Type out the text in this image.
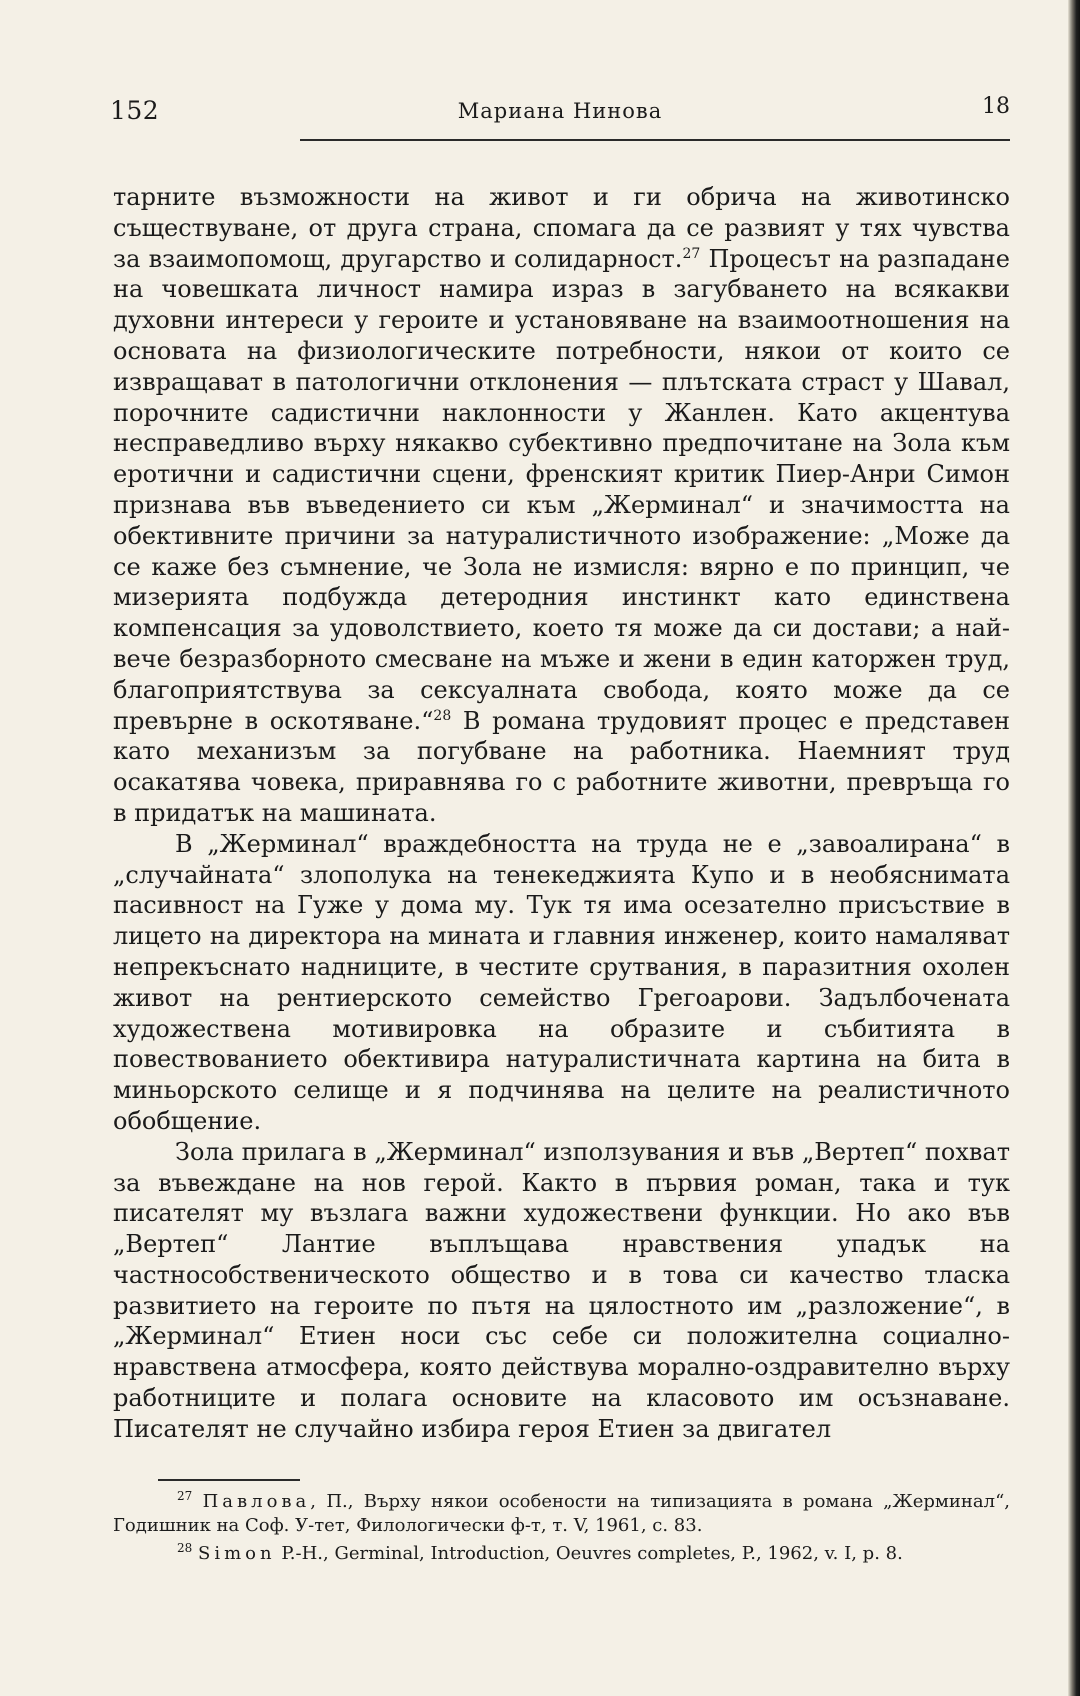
152	Мариана Нинова	18

тарните възможности на живот и ги обрича на животинско съществуване, от друга страна, спомага да се развият у тях чувства за взаимопомощ, другарство и солидарност.$^{27}$ Процесът на разпадане на човешката личност намира израз в загубването на всякакви духовни интереси у героите и установяване на взаимоотношения на основата на физиологическите потребности, някои от които се извращават в патологични отклонения — плътската страст у Шавал, порочните садистични наклонности у Жанлен. Като акцентува несправедливо върху някакво субективно предпочитане на Зола към еротични и садистични сцени, френският критик Пиер-Анри Симон признава във въведението си към „Жерминал“ и значимостта на обективните причини за натуралистичното изображение: „Може да се каже без съмнение, че Зола не измисля: вярно е по принцип, че мизерията подбужда детеродния инстинкт като единствена компенсация за удоволствието, което тя може да си достави; а най-вече безразборното смесване на мъже и жени в един каторжен труд, благоприятствува за сексуалната свобода, която може да се превърне в оскотяване.“$^{28}$ В романа трудовият процес е представен като механизъм за погубване на работника. Наемният труд осакатява човека, приравнява го с работните животни, превръща го в придатък на машината.

В „Жерминал“ враждебността на труда не е „завоалирана“ в „случайната“ злополука на тенекеджията Купо и в необяснимата пасивност на Гуже у дома му. Тук тя има осезателно присъствие в лицето на директора на мината и главния инженер, които намаляват непрекъснато надниците, в честите срутвания, в паразитния охолен живот на рентиерското семейство Грегоарови. Задълбочената художествена мотивировка на образите и събитията в повествованието обективира натуралистичната картина на бита в миньорското селище и я подчинява на целите на реалистичното обобщение.

Зола прилага в „Жерминал“ използувания и във „Вертеп“ похват за въвеждане на нов герой. Както в първия роман, така и тук писателят му възлага важни художествени функции. Но ако във „Вертеп“ Лантие въплъщава нравствения упадък на частнособственическото общество и в това си качество тласка развитието на героите по пътя на цялостното им „разложение“, в „Жерминал“ Етиен носи със себе си положителна социално-нравствена атмосфера, която действува морално-оздравително върху работниците и полага основите на класовото им осъзнаване. Писателят не случайно избира героя Етиен за двигател

$^{27}$ Павлова, П., Върху някои особености на типизацията в романа „Жерминал“, Годишник на Соф. У-тет, Филологически ф-т, т. V, 1961, с. 83.

$^{28}$ Simon P.-H., Germinal, Introduction, Oeuvres completes, P., 1962, v. I, p. 8.
